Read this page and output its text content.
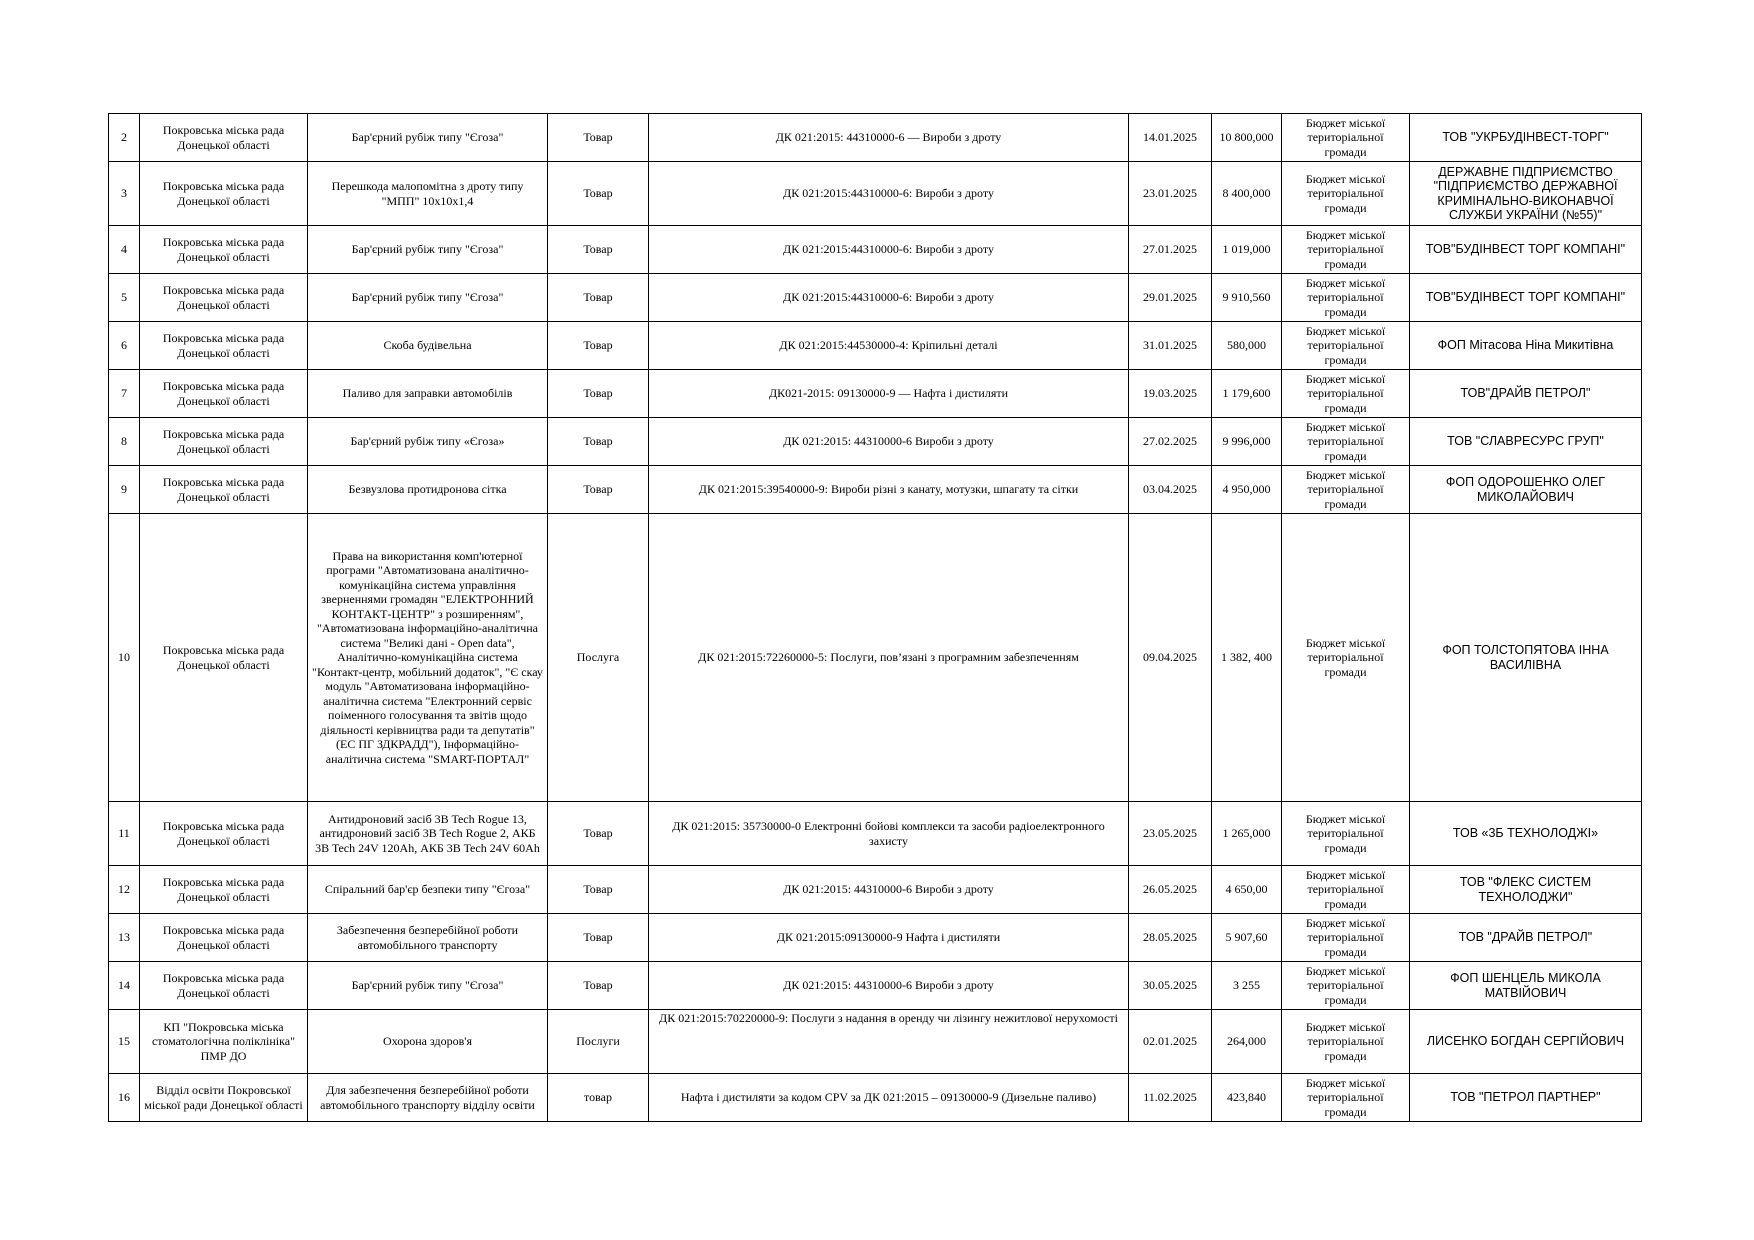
2	Покровська міська рада Донецької області	Бар'єрний рубіж типу "Єгоза"	Товар	ДК 021:2015: 44310000-6 — Вироби з дроту	14.01.2025	10 800,000	Бюджет міської територіальної громади	ТОВ "УКРБУДІНВЕСТ-ТОРГ"
3	Покровська міська рада Донецької області	Перешкода малопомітна з дроту типу "МПП" 10х10х1,4	Товар	ДК 021:2015:44310000-6: Вироби з дроту	23.01.2025	8 400,000	Бюджет міської територіальної громади	ДЕРЖАВНЕ ПІДПРИЄМСТВО "ПІДПРИЄМСТВО ДЕРЖАВНОЇ КРИМІНАЛЬНО-ВИКОНАВЧОЇ СЛУЖБИ УКРАЇНИ (№55)"
4	Покровська міська рада Донецької області	Бар'єрний рубіж типу "Єгоза"	Товар	ДК 021:2015:44310000-6: Вироби з дроту	27.01.2025	1 019,000	Бюджет міської територіальної громади	ТОВ"БУДІНВЕСТ ТОРГ КОМПАНІ"
5	Покровська міська рада Донецької області	Бар'єрний рубіж типу "Єгоза"	Товар	ДК 021:2015:44310000-6: Вироби з дроту	29.01.2025	9 910,560	Бюджет міської територіальної громади	ТОВ"БУДІНВЕСТ ТОРГ КОМПАНІ"
6	Покровська міська рада Донецької області	Скоба будівельна	Товар	ДК 021:2015:44530000-4: Кріпильні деталі	31.01.2025	580,000	Бюджет міської територіальної громади	ФОП Мітасова Ніна Микитівна
7	Покровська міська рада Донецької області	Паливо для заправки автомобілів	Товар	ДК021-2015: 09130000-9 — Нафта і дистиляти	19.03.2025	1 179,600	Бюджет міської територіальної громади	ТОВ"ДРАЙВ ПЕТРОЛ"
8	Покровська міська рада Донецької області	Бар'єрний рубіж типу «Єгоза»	Товар	ДК 021:2015: 44310000-6 Вироби з дроту	27.02.2025	9 996,000	Бюджет міської територіальної громади	ТОВ "СЛАВРЕСУРС ГРУП"
9	Покровська міська рада Донецької області	Безвузлова протидронова сітка	Товар	ДК 021:2015:39540000-9: Вироби різні з канату, мотузки, шпагату та сітки	03.04.2025	4 950,000	Бюджет міської територіальної громади	ФОП ОДОРОШЕНКО ОЛЕГ МИКОЛАЙОВИЧ
10	Покровська міська рада Донецької області	Права на використання комп'ютерної програми "Автоматизована аналітично-комунікаційна система управління зверненнями громадян "ЕЛЕКТРОННИЙ КОНТАКТ-ЦЕНТР" з розширенням", "Автоматизована інформаційно-аналітична система "Великі дані - Open data", Аналітично-комунікаційна система "Контакт-центр, мобільний додаток", "Є скау модуль "Автоматизована інформаційно-аналітична система "Електронний сервіс поіменного голосування та звітів щодо діяльності керівництва ради та депутатів" (ЕС ПГ ЗДКРАДД"), Інформаційно-аналітична система "SMART-ПОРТАЛ"	Послуга	ДК 021:2015:72260000-5: Послуги, пов’язані з програмним забезпеченням	09.04.2025	1 382, 400	Бюджет міської територіальної громади	ФОП ТОЛСТОПЯТОВА ІННА ВАСИЛІВНА
11	Покровська міська рада Донецької області	Антидроновий засіб 3B Tech Rogue 13, антидроновий засіб 3B Tech Rogue 2, АКБ 3B Tech 24V 120Ah, АКБ 3B Tech 24V 60Ah	Товар	ДК 021:2015: 35730000-0 Електронні бойові комплекси та засоби радіоелектронного захисту	23.05.2025	1 265,000	Бюджет міської територіальної громади	ТОВ «3Б ТЕХНОЛОДЖІ»
12	Покровська міська рада Донецької області	Спіральний бар'єр безпеки типу "Єгоза"	Товар	ДК 021:2015: 44310000-6 Вироби з дроту	26.05.2025	4 650,00	Бюджет міської територіальної громади	ТОВ "ФЛЕКС СИСТЕМ ТЕХНОЛОДЖИ"
13	Покровська міська рада Донецької області	Забезпечення безперебійної роботи автомобільного транспорту	Товар	ДК 021:2015:09130000-9 Нафта і дистиляти	28.05.2025	5 907,60	Бюджет міської територіальної громади	ТОВ "ДРАЙВ ПЕТРОЛ"
14	Покровська міська рада Донецької області	Бар'єрний рубіж типу "Єгоза"	Товар	ДК 021:2015: 44310000-6 Вироби з дроту	30.05.2025	3 255	Бюджет міської територіальної громади	ФОП ШЕНЦЕЛЬ МИКОЛА МАТВІЙОВИЧ
15	КП "Покровська міська стоматологічна поліклініка" ПМР ДО	Охорона здоров'я	Послуги	ДК 021:2015:70220000-9: Послуги з надання в оренду чи лізингу нежитлової нерухомості	02.01.2025	264,000	Бюджет міської територіальної громади	ЛИСЕНКО БОГДАН СЕРГІЙОВИЧ
16	Відділ освіти Покровської міської ради Донецької області	Для забезпечення безперебійної роботи автомобільного транспорту відділу освіти	товар	Нафта і дистиляти за кодом CPV за ДК 021:2015 – 09130000-9 (Дизельне паливо)	11.02.2025	423,840	Бюджет міської територіальної громади	ТОВ "ПЕТРОЛ ПАРТНЕР"
